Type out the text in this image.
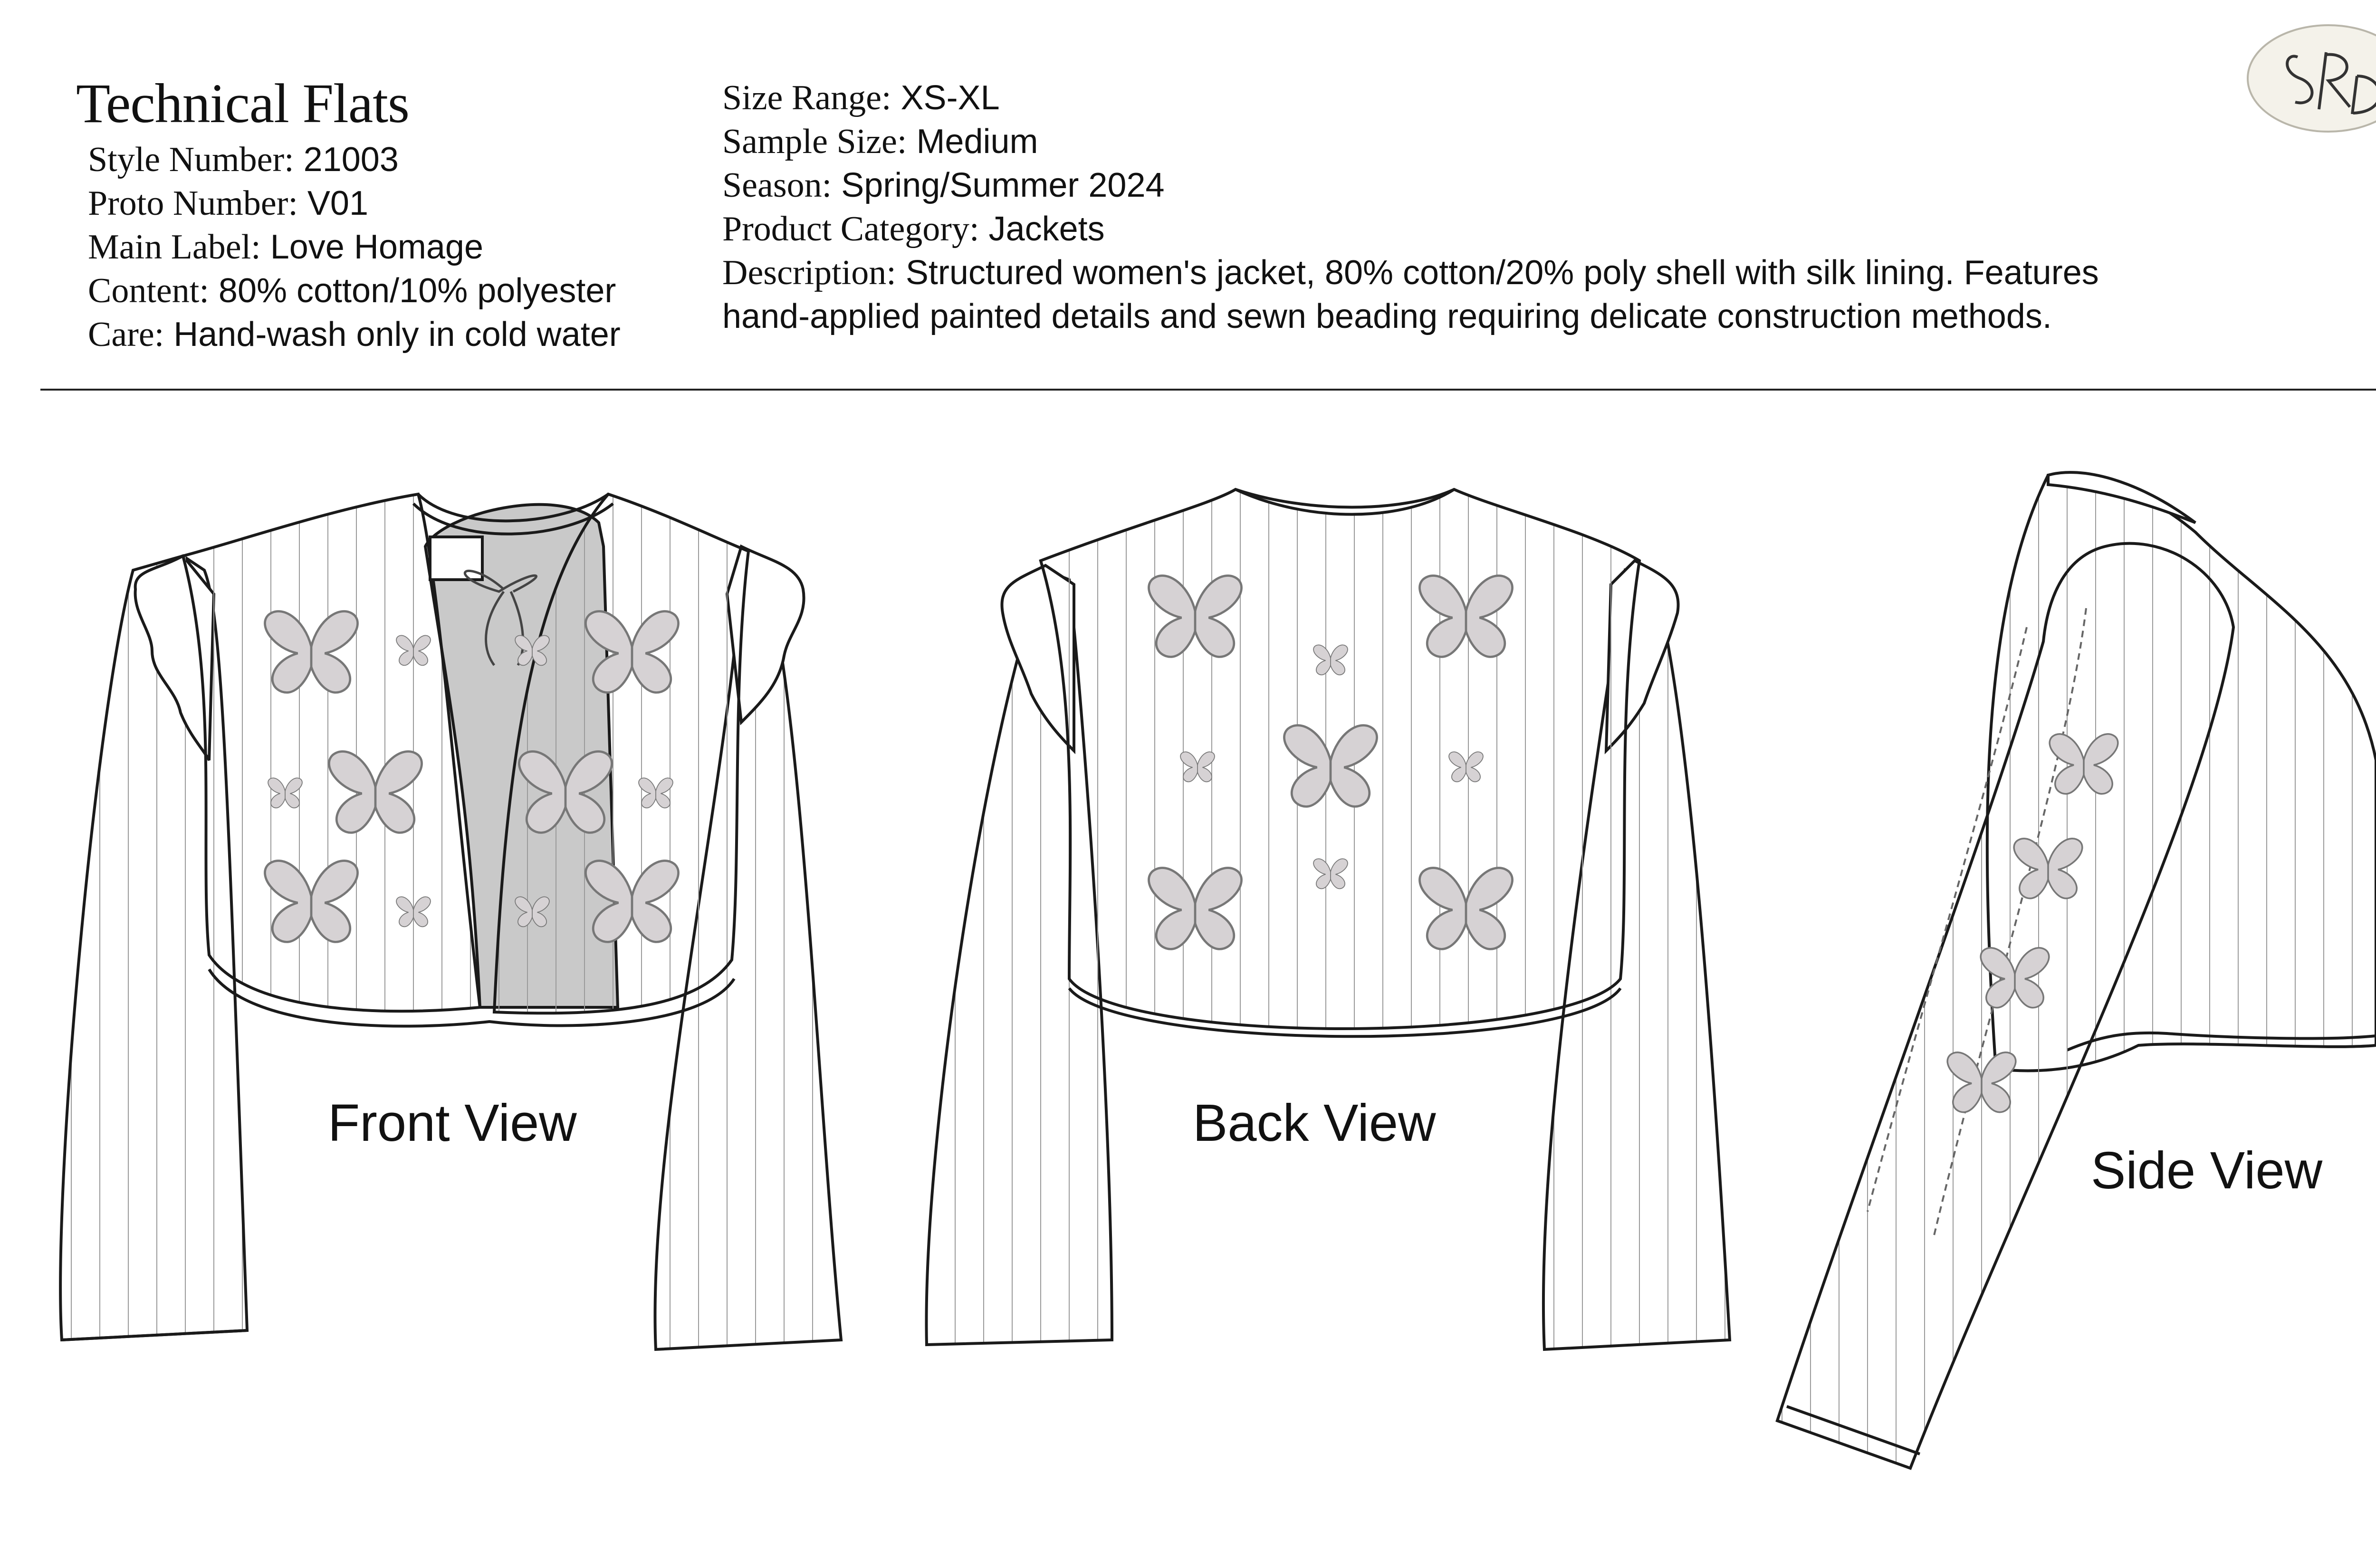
Technical Flats
Style Number: 21003
Proto Number: V01
Main Label: Love Homage
Content: 80% cotton/10% polyester
Care: Hand-wash only in cold water
Size Range: XS-XL
Sample Size: Medium
Season: Spring/Summer 2024
Product Category: Jackets
Description: Structured women's jacket, 80% cotton/20% poly shell with silk lining. Features
hand-applied painted details and sewn beading requiring delicate construction methods.
Front View	Back View
Side View
